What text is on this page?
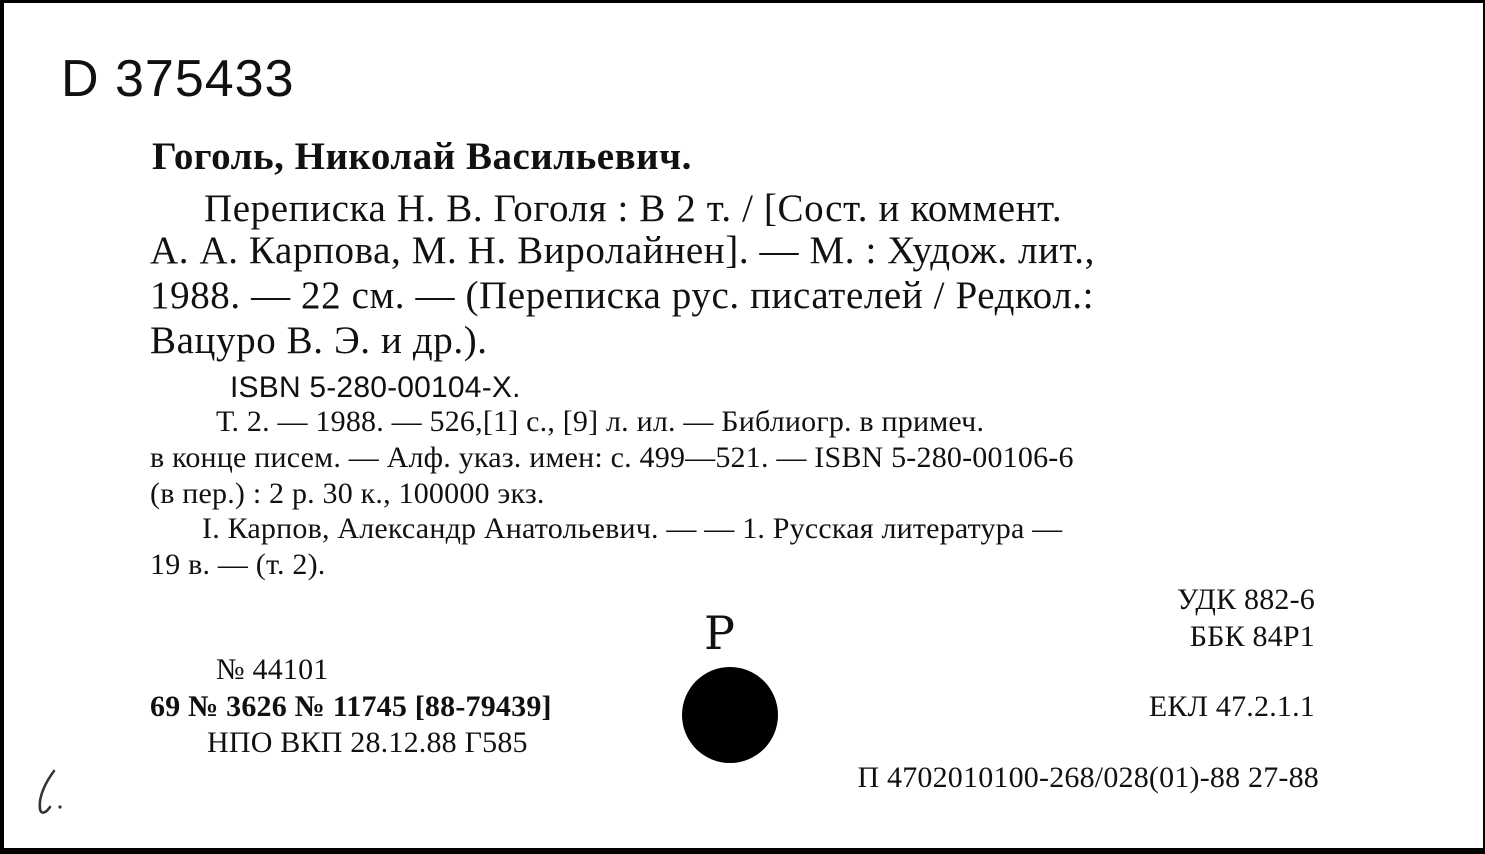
D 375433
Гоголь, Николай Васильевич.
Переписка Н. В. Гоголя : В 2 т. / [Сост. и коммент.
А. А. Карпова, М. Н. Виролайнен]. — М. : Худож. лит.,
1988. — 22 см. — (Переписка рус. писателей / Редкол.:
Вацуро В. Э. и др.).
ISBN 5-280-00104-X.
Т. 2. — 1988. — 526,[1] с., [9] л. ил. — Библиогр. в примеч.
в конце писем. — Алф. указ. имен: с. 499—521. — ISBN 5-280-00106-6
(в пер.) : 2 р. 30 к., 100000 экз.
I. Карпов, Александр Анатольевич. — — 1. Русская литература —
19 в. — (т. 2).
УДК 882-6
ББК 84Р1
Р
№ 44101
69 № 3626 № 11745 [88-79439]
НПО ВКП 28.12.88 Г585
ЕКЛ 47.2.1.1
П 4702010100-268/028(01)-88 27-88
